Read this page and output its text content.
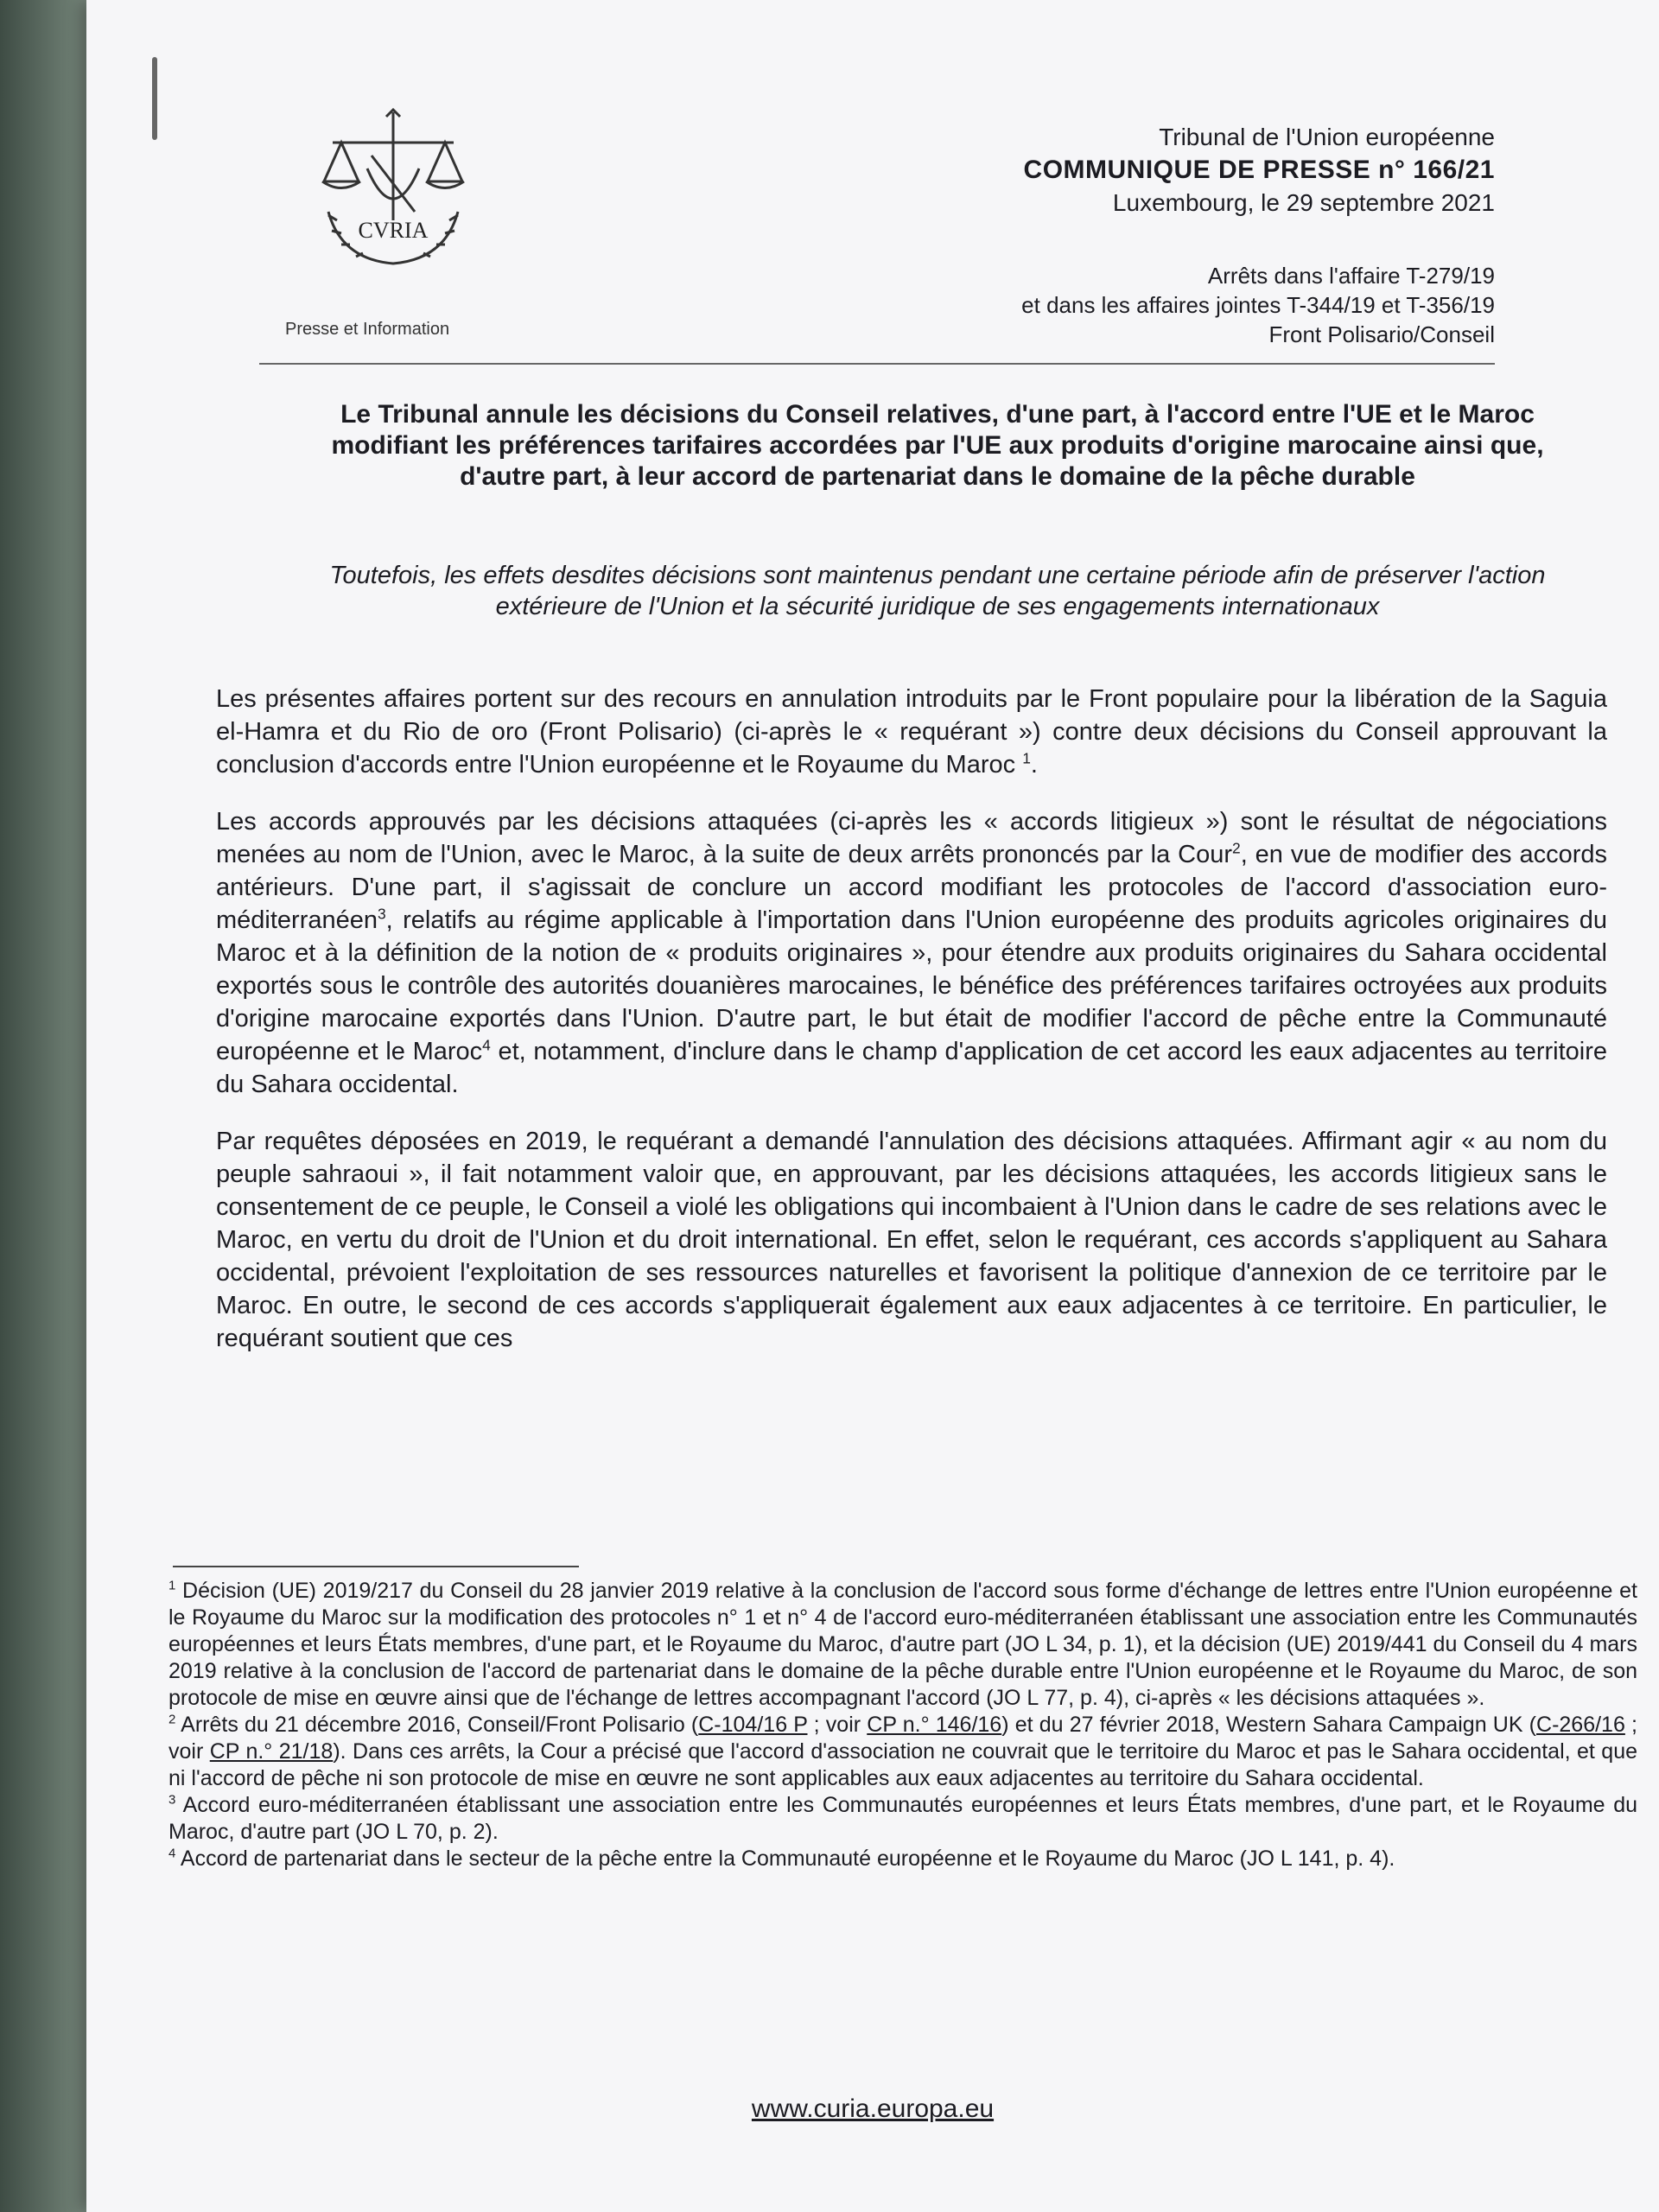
CVRIA
Presse et Information
Tribunal de l'Union européenne
COMMUNIQUE DE PRESSE n° 166/21
Luxembourg, le 29 septembre 2021
Arrêts dans l'affaire T-279/19
et dans les affaires jointes T-344/19 et T-356/19
Front Polisario/Conseil
Le Tribunal annule les décisions du Conseil relatives, d'une part, à l'accord entre l'UE et le Maroc modifiant les préférences tarifaires accordées par l'UE aux produits d'origine marocaine ainsi que, d'autre part, à leur accord de partenariat dans le domaine de la pêche durable
Toutefois, les effets desdites décisions sont maintenus pendant une certaine période afin de préserver l'action extérieure de l'Union et la sécurité juridique de ses engagements internationaux

Les présentes affaires portent sur des recours en annulation introduits par le Front populaire pour la libération de la Saguia el-Hamra et du Rio de oro (Front Polisario) (ci-après le « requérant ») contre deux décisions du Conseil approuvant la conclusion d'accords entre l'Union européenne et le Royaume du Maroc $^1$.

Les accords approuvés par les décisions attaquées (ci-après les « accords litigieux ») sont le résultat de négociations menées au nom de l'Union, avec le Maroc, à la suite de deux arrêts prononcés par la Cour$^2$, en vue de modifier des accords antérieurs. D'une part, il s'agissait de conclure un accord modifiant les protocoles de l'accord d'association euro-méditerranéen$^3$, relatifs au régime applicable à l'importation dans l'Union européenne des produits agricoles originaires du Maroc et à la définition de la notion de « produits originaires », pour étendre aux produits originaires du Sahara occidental exportés sous le contrôle des autorités douanières marocaines, le bénéfice des préférences tarifaires octroyées aux produits d'origine marocaine exportés dans l'Union. D'autre part, le but était de modifier l'accord de pêche entre la Communauté européenne et le Maroc$^4$ et, notamment, d'inclure dans le champ d'application de cet accord les eaux adjacentes au territoire du Sahara occidental.

Par requêtes déposées en 2019, le requérant a demandé l'annulation des décisions attaquées. Affirmant agir « au nom du peuple sahraoui », il fait notamment valoir que, en approuvant, par les décisions attaquées, les accords litigieux sans le consentement de ce peuple, le Conseil a violé les obligations qui incombaient à l'Union dans le cadre de ses relations avec le Maroc, en vertu du droit de l'Union et du droit international. En effet, selon le requérant, ces accords s'appliquent au Sahara occidental, prévoient l'exploitation de ses ressources naturelles et favorisent la politique d'annexion de ce territoire par le Maroc. En outre, le second de ces accords s'appliquerait également aux eaux adjacentes à ce territoire. En particulier, le requérant soutient que ces

$^1$ Décision (UE) 2019/217 du Conseil du 28 janvier 2019 relative à la conclusion de l'accord sous forme d'échange de lettres entre l'Union européenne et le Royaume du Maroc sur la modification des protocoles n° 1 et n° 4 de l'accord euro-méditerranéen établissant une association entre les Communautés européennes et leurs États membres, d'une part, et le Royaume du Maroc, d'autre part (JO L 34, p. 1), et la décision (UE) 2019/441 du Conseil du 4 mars 2019 relative à la conclusion de l'accord de partenariat dans le domaine de la pêche durable entre l'Union européenne et le Royaume du Maroc, de son protocole de mise en œuvre ainsi que de l'échange de lettres accompagnant l'accord (JO L 77, p. 4), ci-après « les décisions attaquées ».

$^2$ Arrêts du 21 décembre 2016, Conseil/Front Polisario (C-104/16 P ; voir CP n.° 146/16) et du 27 février 2018, Western Sahara Campaign UK (C-266/16 ; voir CP n.° 21/18). Dans ces arrêts, la Cour a précisé que l'accord d'association ne couvrait que le territoire du Maroc et pas le Sahara occidental, et que ni l'accord de pêche ni son protocole de mise en œuvre ne sont applicables aux eaux adjacentes au territoire du Sahara occidental.

$^3$ Accord euro-méditerranéen établissant une association entre les Communautés européennes et leurs États membres, d'une part, et le Royaume du Maroc, d'autre part (JO L 70, p. 2).

$^4$ Accord de partenariat dans le secteur de la pêche entre la Communauté européenne et le Royaume du Maroc (JO L 141, p. 4).

www.curia.europa.eu
